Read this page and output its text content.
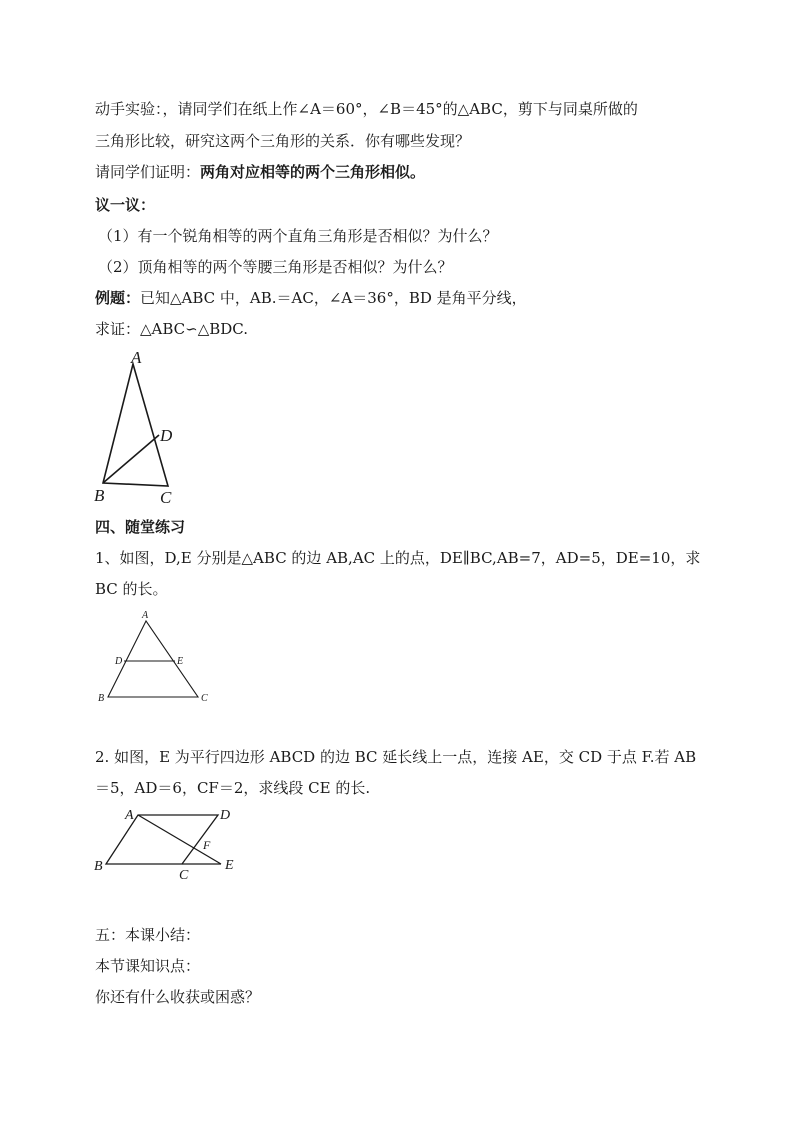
动手实验：，请同学们在纸上作∠A＝60°，∠B＝45°的△ABC，剪下与同桌所做的
三角形比较，研究这两个三角形的关系．你有哪些发现？
请同学们证明：两角对应相等的两个三角形相似。
议一议：
（1）有一个锐角相等的两个直角三角形是否相似？为什么？
（2）顶角相等的两个等腰三角形是否相似？为什么？
例题：已知△ABC 中，AB.＝AC，∠A＝36°，BD 是角平分线，
求证：△ABC∽△BDC.
A
D
B	C
四、随堂练习
1、如图，D,E 分别是△ABC 的边 AB,AC 上的点，DE∥BC,AB=7，AD=5，DE=10，求
BC 的长。
A
D	E
B	C
2. 如图，E 为平行四边形 ABCD 的边 BC 延长线上一点，连接 AE，交 CD 于点 F.若 AB
＝5，AD＝6，CF＝2，求线段 CE 的长.
A	D
F
B
C
E
五：本课小结：
本节课知识点：
你还有什么收获或困惑？
